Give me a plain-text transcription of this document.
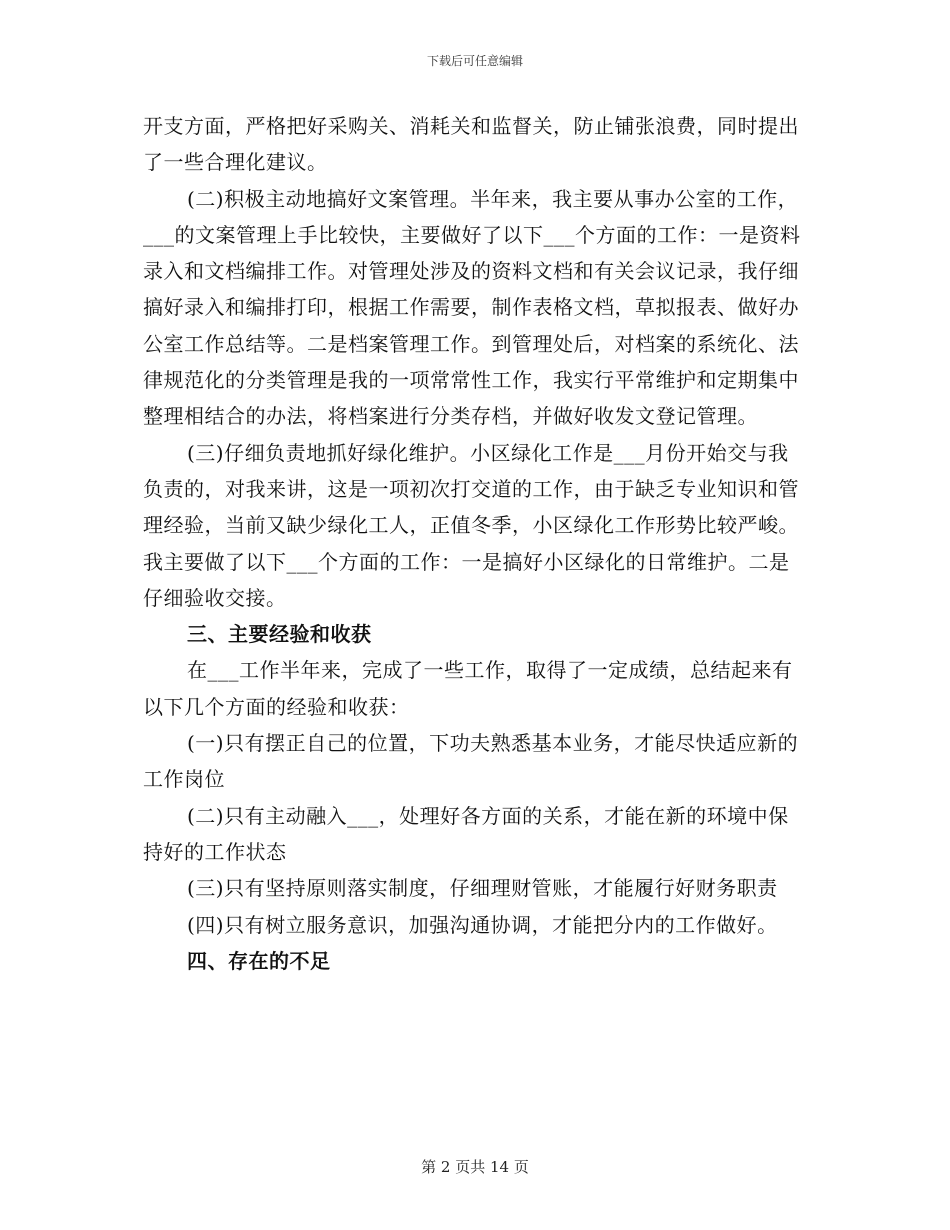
下载后可任意编辑

开支方面，严格把好采购关、消耗关和监督关，防止铺张浪费，同时提出了一些合理化建议。

(二)积极主动地搞好文案管理。半年来，我主要从事办公室的工作，___的文案管理上手比较快，主要做好了以下___个方面的工作：一是资料录入和文档编排工作。对管理处涉及的资料文档和有关会议记录，我仔细搞好录入和编排打印，根据工作需要，制作表格文档，草拟报表、做好办公室工作总结等。二是档案管理工作。到管理处后，对档案的系统化、法律规范化的分类管理是我的一项常常性工作，我实行平常维护和定期集中整理相结合的办法，将档案进行分类存档，并做好收发文登记管理。

(三)仔细负责地抓好绿化维护。小区绿化工作是___月份开始交与我负责的，对我来讲，这是一项初次打交道的工作，由于缺乏专业知识和管理经验，当前又缺少绿化工人，正值冬季，小区绿化工作形势比较严峻。我主要做了以下___个方面的工作：一是搞好小区绿化的日常维护。二是仔细验收交接。

三、主要经验和收获

在___工作半年来，完成了一些工作，取得了一定成绩，总结起来有以下几个方面的经验和收获：

(一)只有摆正自己的位置，下功夫熟悉基本业务，才能尽快适应新的工作岗位

(二)只有主动融入___，处理好各方面的关系，才能在新的环境中保持好的工作状态

(三)只有坚持原则落实制度，仔细理财管账，才能履行好财务职责

(四)只有树立服务意识，加强沟通协调，才能把分内的工作做好。

四、存在的不足

第 2 页共 14 页
